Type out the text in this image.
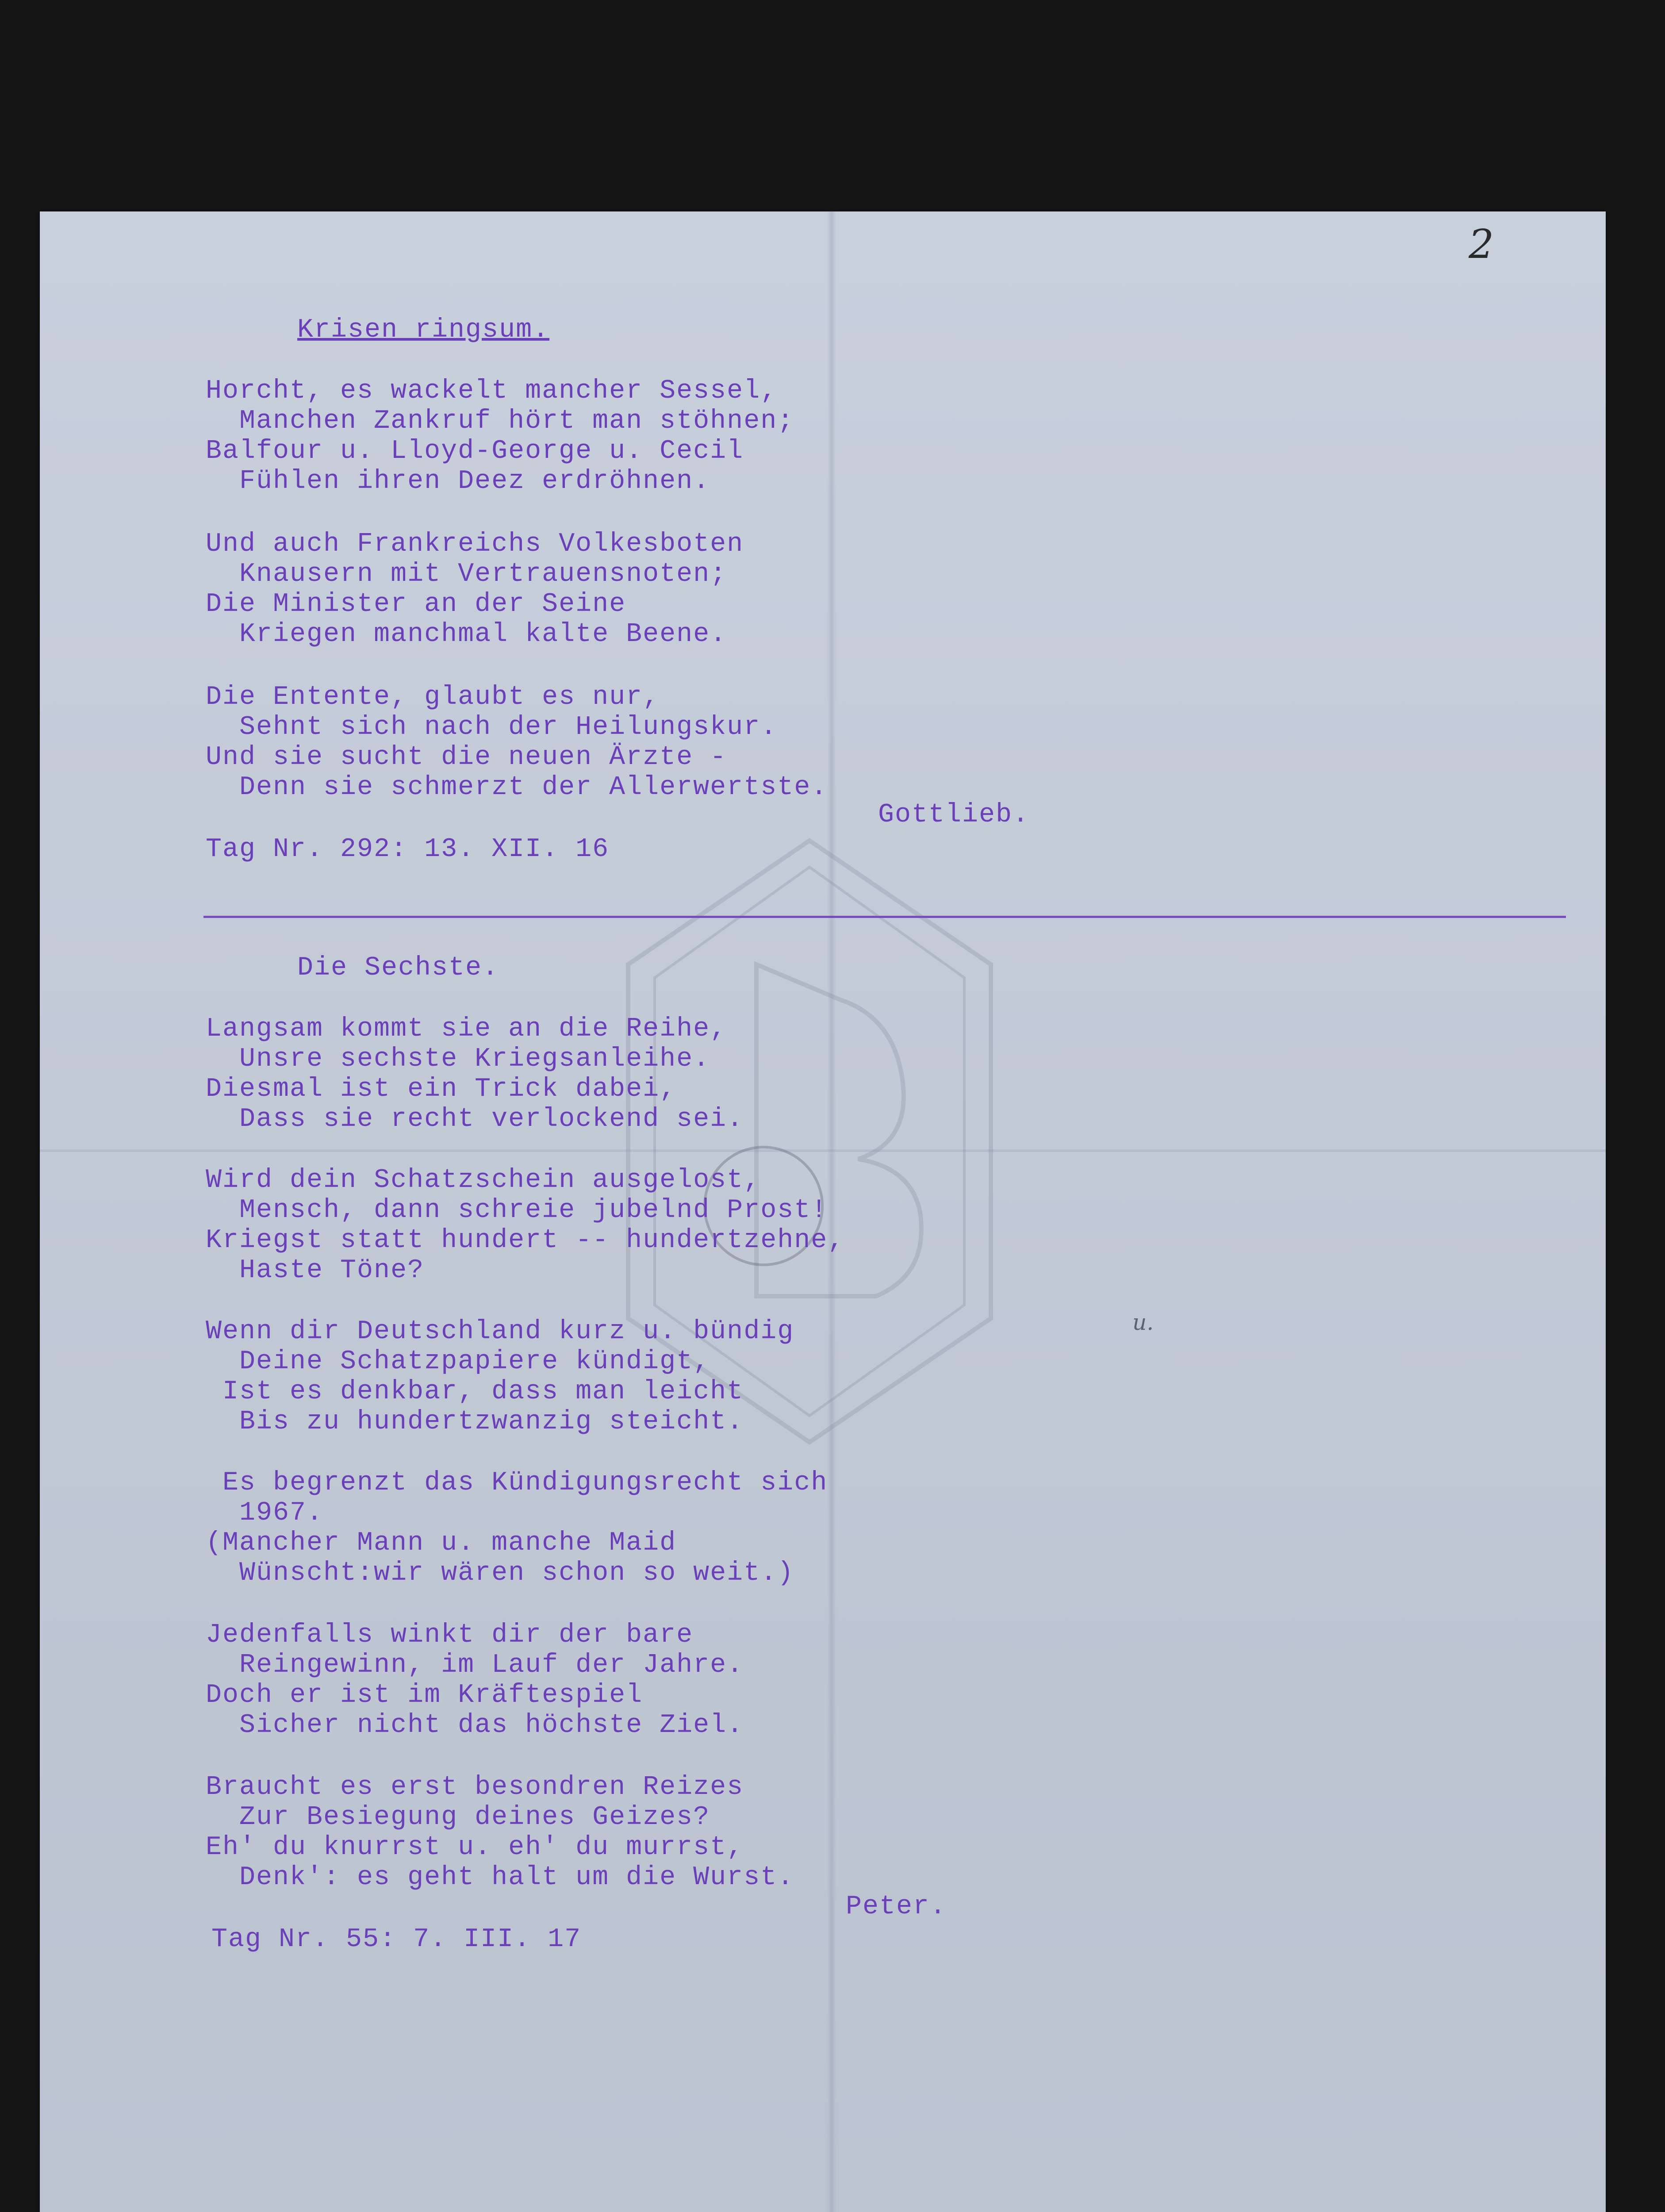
2
Krisen ringsum.
Horcht, es wackelt mancher Sessel,
Manchen Zankruf hört man stöhnen;
Balfour u. Lloyd-George u. Cecil
Fühlen ihren Deez erdröhnen.
Und auch Frankreichs Volkesboten
Knausern mit Vertrauensnoten;
Die Minister an der Seine
Kriegen manchmal kalte Beene.
Die Entente, glaubt es nur,
Sehnt sich nach der Heilungskur.
Und sie sucht die neuen Ärzte -
Denn sie schmerzt der Allerwertste.
Gottlieb.
Tag Nr. 292: 13. XII. 16
Die Sechste.
Langsam kommt sie an die Reihe,
Unsre sechste Kriegsanleihe.
Diesmal ist ein Trick dabei,
Dass sie recht verlockend sei.
Wird dein Schatzschein ausgelost,
Mensch, dann schreie jubelnd Prost!
Kriegst statt hundert -- hundertzehne,
Haste Töne?
Wenn dir Deutschland kurz u. bündig
Deine Schatzpapiere kündigt,
Ist es denkbar, dass man leicht
Bis zu hundertzwanzig steicht.
Es begrenzt das Kündigungsrecht sich
1967.
(Mancher Mann u. manche Maid
Wünscht:wir wären schon so weit.)
Jedenfalls winkt dir der bare
Reingewinn, im Lauf der Jahre.
Doch er ist im Kräftespiel
Sicher nicht das höchste Ziel.
Braucht es erst besondren Reizes
Zur Besiegung deines Geizes?
Eh' du knurrst u. eh' du murrst,
Denk': es geht halt um die Wurst.
Peter.
Tag Nr. 55: 7. III. 17
u.
